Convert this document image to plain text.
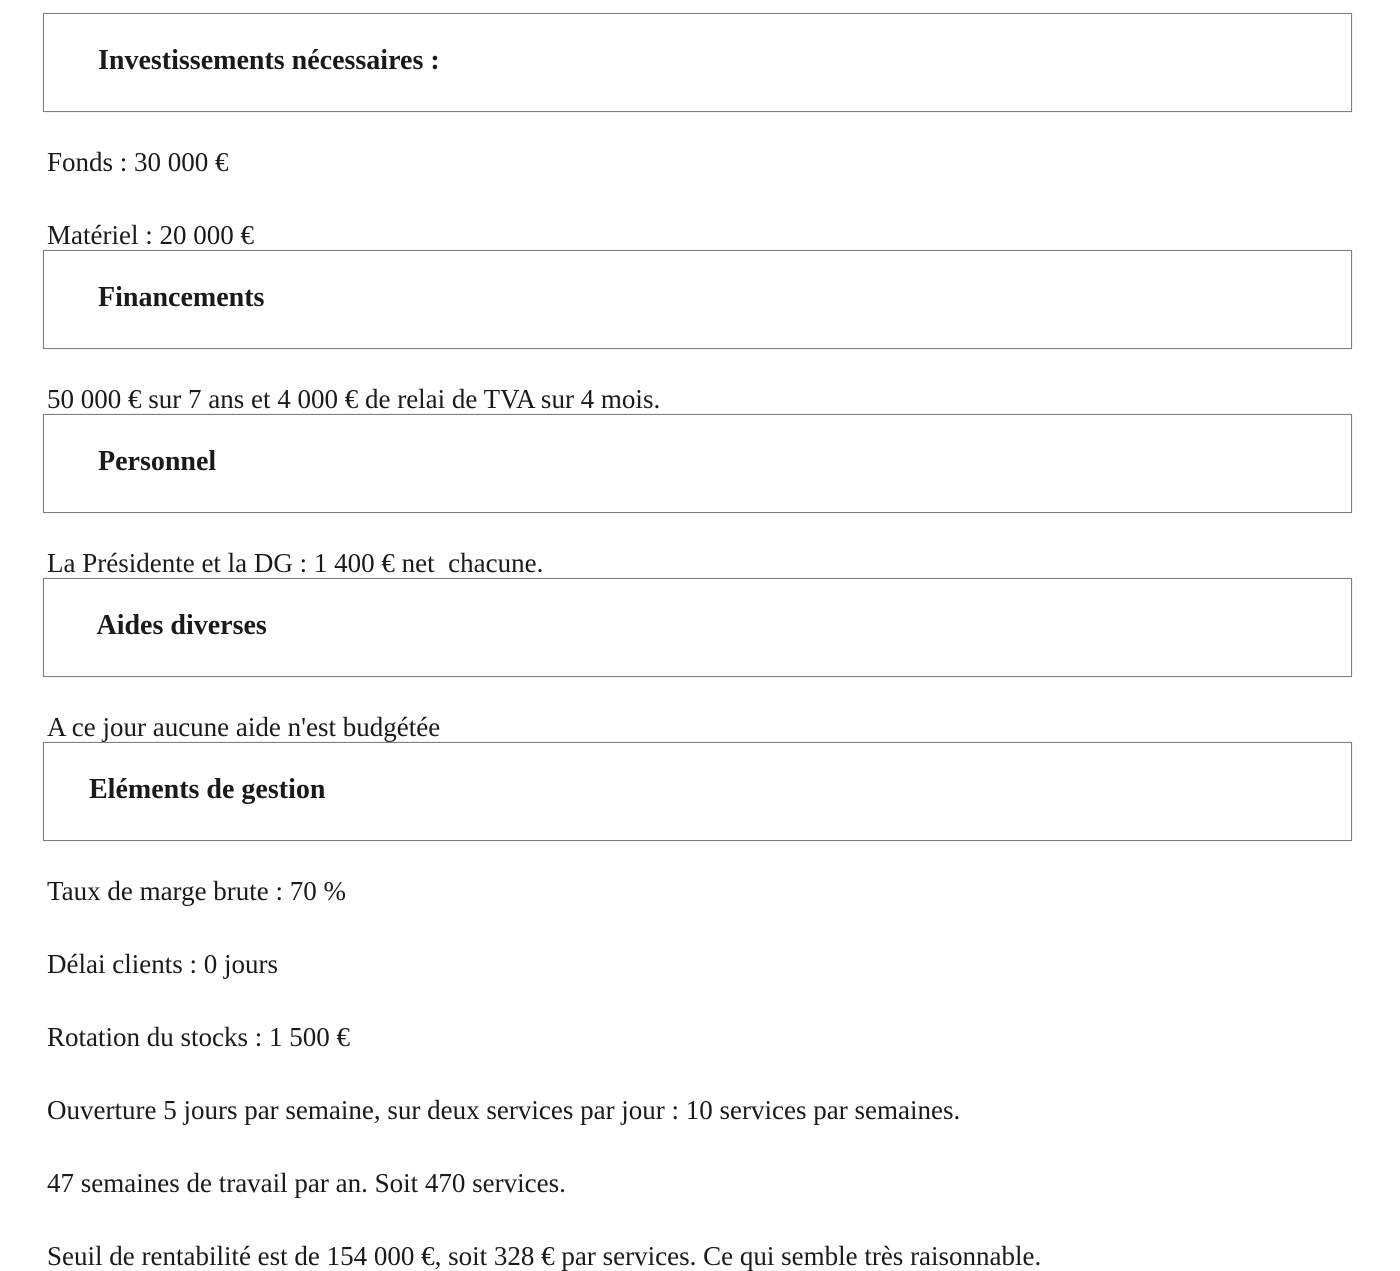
Investissements nécessaires :

Fonds : 30 000 €

Matériel : 20 000 €

Financements

50 000 € sur 7 ans et 4 000 € de relai de TVA sur 4 mois.

Personnel

La Présidente et la DG : 1 400 € net  chacune.

Aides diverses

A ce jour aucune aide n'est budgétée

Eléments de gestion

Taux de marge brute : 70 %

Délai clients : 0 jours

Rotation du stocks : 1 500 €

Ouverture 5 jours par semaine, sur deux services par jour : 10 services par semaines.

47 semaines de travail par an. Soit 470 services.

Seuil de rentabilité est de 154 000 €, soit 328 € par services. Ce qui semble très raisonnable.
